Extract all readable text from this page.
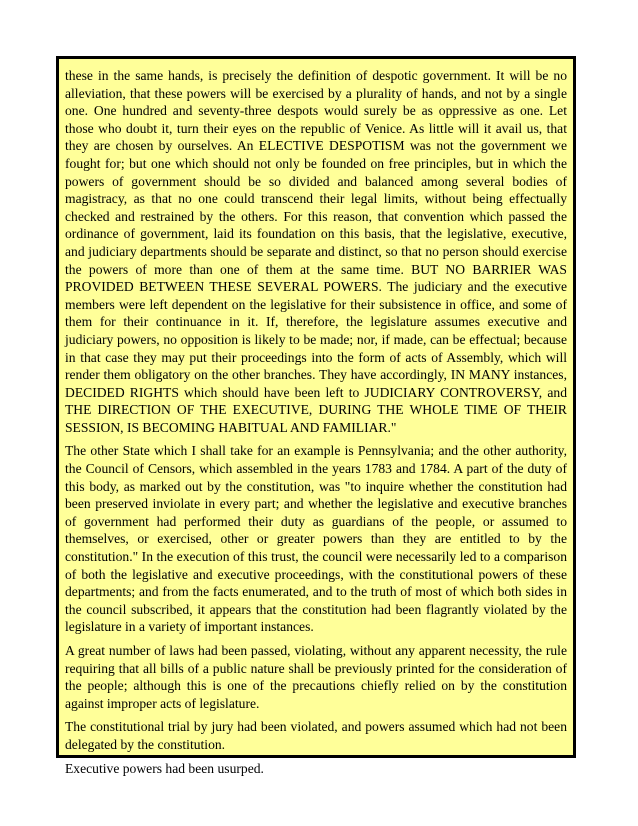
these in the same hands, is precisely the definition of despotic government. It will be no alleviation, that these powers will be exercised by a plurality of hands, and not by a single one. One hundred and seventy-three despots would surely be as oppressive as one. Let those who doubt it, turn their eyes on the republic of Venice. As little will it avail us, that they are chosen by ourselves. An ELECTIVE DESPOTISM was not the government we fought for; but one which should not only be founded on free principles, but in which the powers of government should be so divided and balanced among several bodies of magistracy, as that no one could transcend their legal limits, without being effectually checked and restrained by the others. For this reason, that convention which passed the ordinance of government, laid its foundation on this basis, that the legislative, executive, and judiciary departments should be separate and distinct, so that no person should exercise the powers of more than one of them at the same time. BUT NO BARRIER WAS PROVIDED BETWEEN THESE SEVERAL POWERS. The judiciary and the executive members were left dependent on the legislative for their subsistence in office, and some of them for their continuance in it. If, therefore, the legislature assumes executive and judiciary powers, no opposition is likely to be made; nor, if made, can be effectual; because in that case they may put their proceedings into the form of acts of Assembly, which will render them obligatory on the other branches. They have accordingly, IN MANY instances, DECIDED RIGHTS which should have been left to JUDICIARY CONTROVERSY, and THE DIRECTION OF THE EXECUTIVE, DURING THE WHOLE TIME OF THEIR SESSION, IS BECOMING HABITUAL AND FAMILIAR."

The other State which I shall take for an example is Pennsylvania; and the other authority, the Council of Censors, which assembled in the years 1783 and 1784. A part of the duty of this body, as marked out by the constitution, was "to inquire whether the constitution had been preserved inviolate in every part; and whether the legislative and executive branches of government had performed their duty as guardians of the people, or assumed to themselves, or exercised, other or greater powers than they are entitled to by the constitution." In the execution of this trust, the council were necessarily led to a comparison of both the legislative and executive proceedings, with the constitutional powers of these departments; and from the facts enumerated, and to the truth of most of which both sides in the council subscribed, it appears that the constitution had been flagrantly violated by the legislature in a variety of important instances.

A great number of laws had been passed, violating, without any apparent necessity, the rule requiring that all bills of a public nature shall be previously printed for the consideration of the people; although this is one of the precautions chiefly relied on by the constitution against improper acts of legislature.

The constitutional trial by jury had been violated, and powers assumed which had not been delegated by the constitution.

Executive powers had been usurped.
